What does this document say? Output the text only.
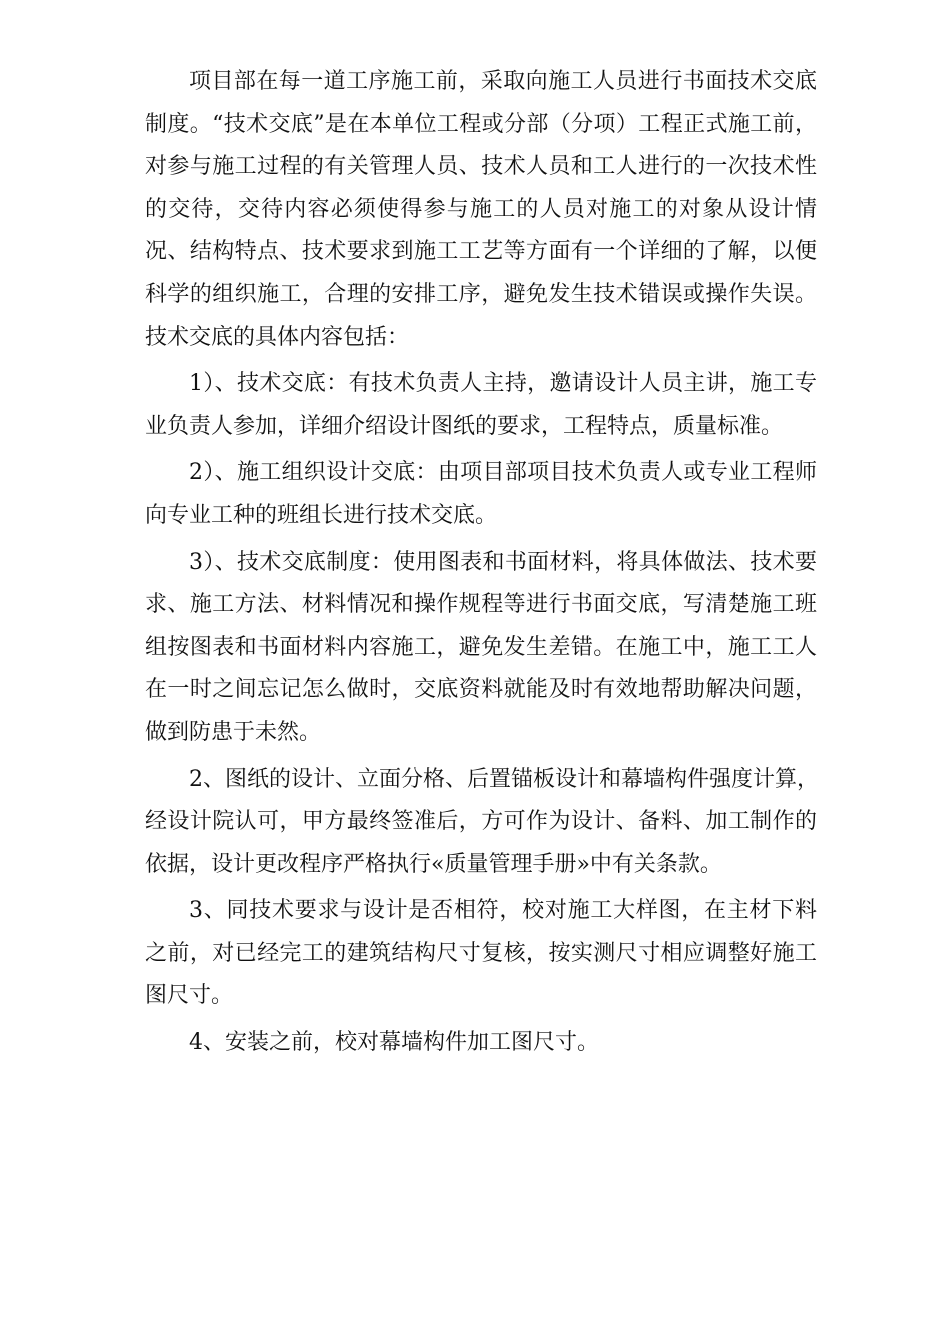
项目部在每一道工序施工前，采取向施工人员进行书面技术交底
制度。“技术交底”是在本单位工程或分部（分项）工程正式施工前，
对参与施工过程的有关管理人员、技术人员和工人进行的一次技术性
的交待，交待内容必须使得参与施工的人员对施工的对象从设计情
况、结构特点、技术要求到施工工艺等方面有一个详细的了解，以便
科学的组织施工，合理的安排工序，避免发生技术错误或操作失误。
技术交底的具体内容包括：
1）、技术交底：有技术负责人主持，邀请设计人员主讲，施工专
业负责人参加，详细介绍设计图纸的要求，工程特点，质量标准。
2）、施工组织设计交底：由项目部项目技术负责人或专业工程师
向专业工种的班组长进行技术交底。
3）、技术交底制度：使用图表和书面材料，将具体做法、技术要
求、施工方法、材料情况和操作规程等进行书面交底，写清楚施工班
组按图表和书面材料内容施工，避免发生差错。在施工中，施工工人
在一时之间忘记怎么做时，交底资料就能及时有效地帮助解决问题，
做到防患于未然。
2、图纸的设计、立面分格、后置锚板设计和幕墙构件强度计算，
经设计院认可，甲方最终签准后，方可作为设计、备料、加工制作的
依据，设计更改程序严格执行«质量管理手册»中有关条款。
3、同技术要求与设计是否相符，校对施工大样图，在主材下料
之前，对已经完工的建筑结构尺寸复核，按实测尺寸相应调整好施工
图尺寸。
4、安装之前，校对幕墙构件加工图尺寸。
